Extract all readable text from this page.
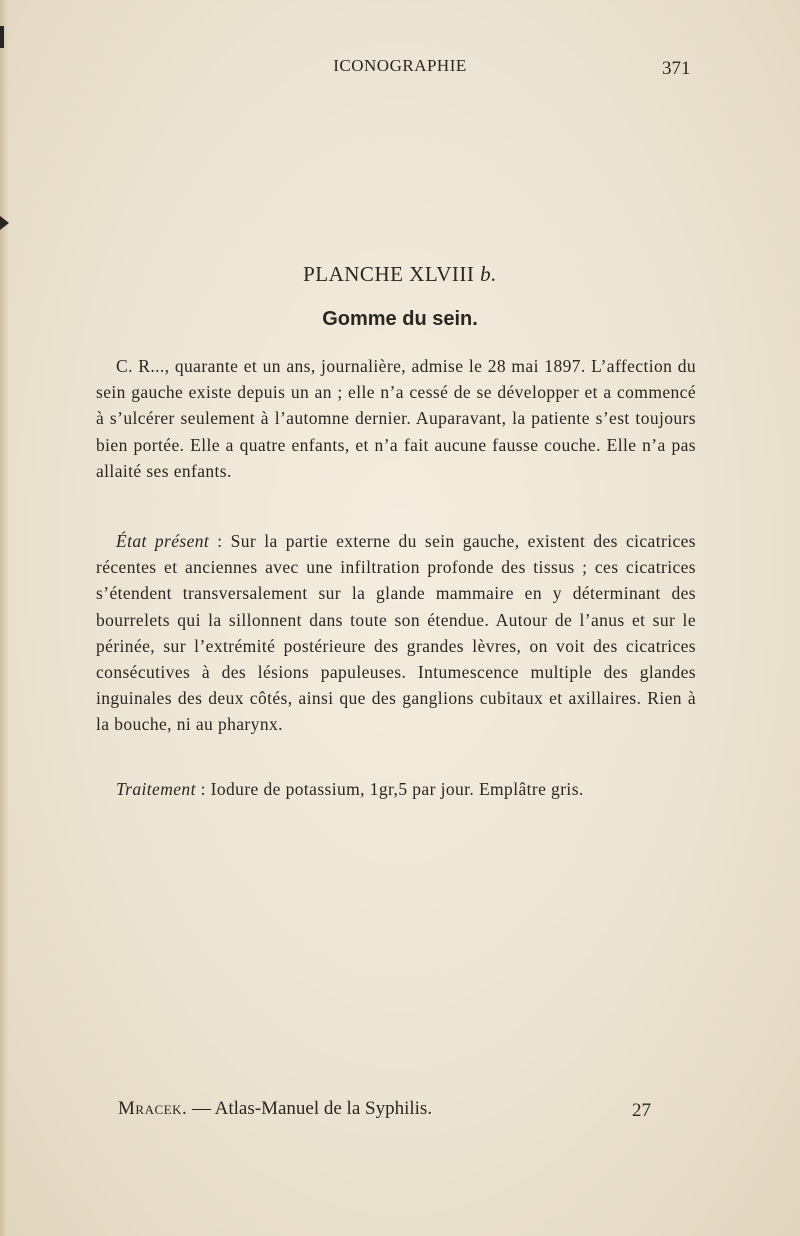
ICONOGRAPHIE	371
PLANCHE XLVIII b.
Gomme du sein.
C. R..., quarante et un ans, journalière, admise le 28 mai 1897. L’affection du sein gauche existe depuis un an ; elle n’a cessé de se développer et a commencé à s’ulcérer seulement à l’automne dernier. Auparavant, la patiente s’est toujours bien portée. Elle a quatre enfants, et n’a fait aucune fausse couche. Elle n’a pas allaité ses enfants.
État présent : Sur la partie externe du sein gauche, existent des cicatrices récentes et anciennes avec une infiltration profonde des tissus ; ces cicatrices s’étendent transversalement sur la glande mammaire en y déterminant des bourrelets qui la sillonnent dans toute son étendue. Autour de l’anus et sur le périnée, sur l’extrémité postérieure des grandes lèvres, on voit des cicatrices consécutives à des lésions papuleuses. Intumescence multiple des glandes inguinales des deux côtés, ainsi que des ganglions cubitaux et axillaires. Rien à la bouche, ni au pharynx.
Traitement : Iodure de potassium, 1gr,5 par jour. Emplâtre gris.
Mracek. — Atlas-Manuel de la Syphilis.	27
